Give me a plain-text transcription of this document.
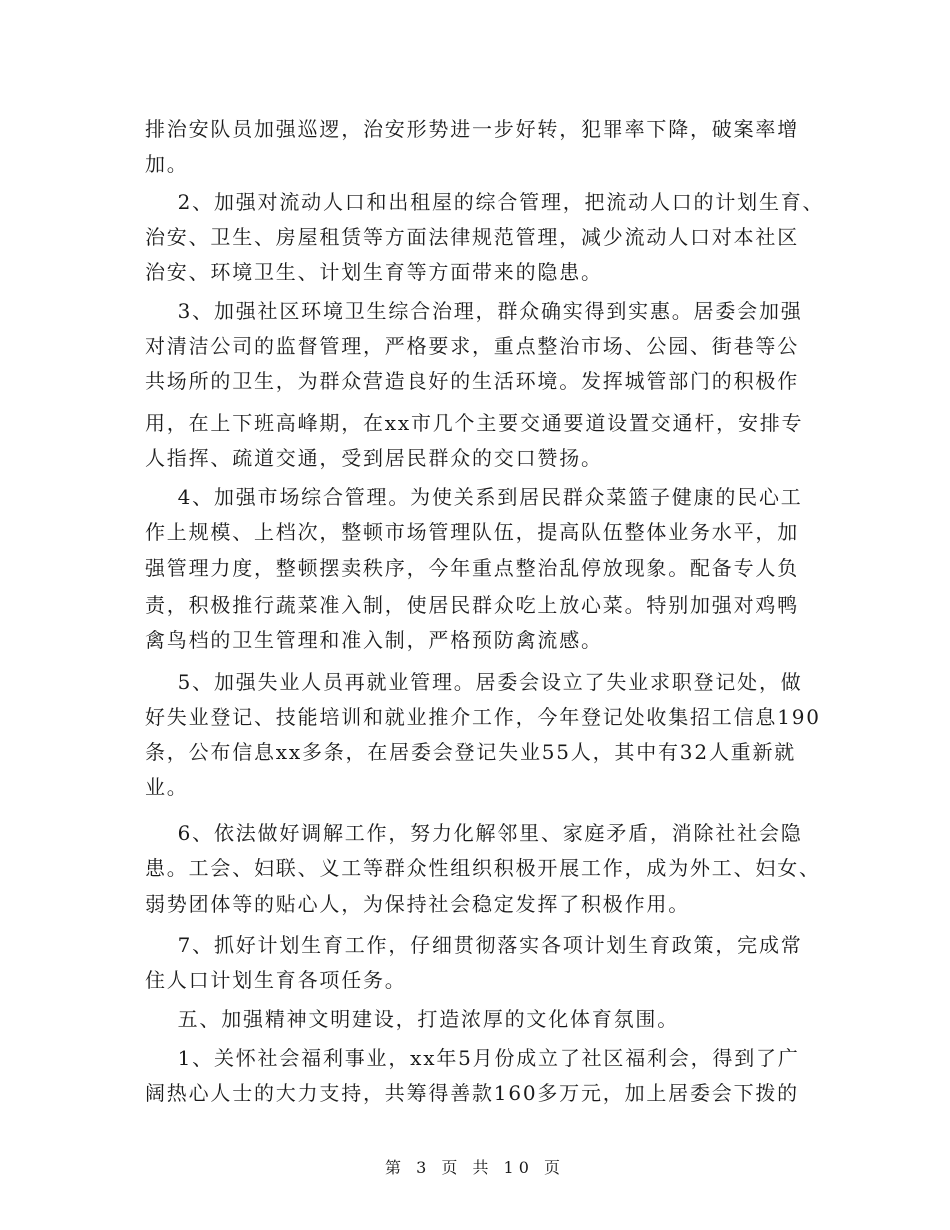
排治安队员加强巡逻，治安形势进一步好转，犯罪率下降，破案率增
加。
2、加强对流动人口和出租屋的综合管理，把流动人口的计划生育、
治安、卫生、房屋租赁等方面法律规范管理，减少流动人口对本社区
治安、环境卫生、计划生育等方面带来的隐患。
3、加强社区环境卫生综合治理，群众确实得到实惠。居委会加强
对清洁公司的监督管理，严格要求，重点整治市场、公园、街巷等公
共场所的卫生，为群众营造良好的生活环境。发挥城管部门的积极作
用，在上下班高峰期，在xx市几个主要交通要道设置交通杆，安排专
人指挥、疏道交通，受到居民群众的交口赞扬。
4、加强市场综合管理。为使关系到居民群众菜篮子健康的民心工
作上规模、上档次，整顿市场管理队伍，提高队伍整体业务水平，加
强管理力度，整顿摆卖秩序，今年重点整治乱停放现象。配备专人负
责，积极推行蔬菜准入制，使居民群众吃上放心菜。特别加强对鸡鸭
禽鸟档的卫生管理和准入制，严格预防禽流感。
5、加强失业人员再就业管理。居委会设立了失业求职登记处，做
好失业登记、技能培训和就业推介工作，今年登记处收集招工信息190
条，公布信息xx多条，在居委会登记失业55人，其中有32人重新就
业。
6、依法做好调解工作，努力化解邻里、家庭矛盾，消除社社会隐
患。工会、妇联、义工等群众性组织积极开展工作，成为外工、妇女、
弱势团体等的贴心人，为保持社会稳定发挥了积极作用。
7、抓好计划生育工作，仔细贯彻落实各项计划生育政策，完成常
住人口计划生育各项任务。
五、加强精神文明建设，打造浓厚的文化体育氛围。
1、关怀社会福利事业，xx年5月份成立了社区福利会，得到了广
阔热心人士的大力支持，共筹得善款160多万元，加上居委会下拨的
第 3 页 共 10 页
